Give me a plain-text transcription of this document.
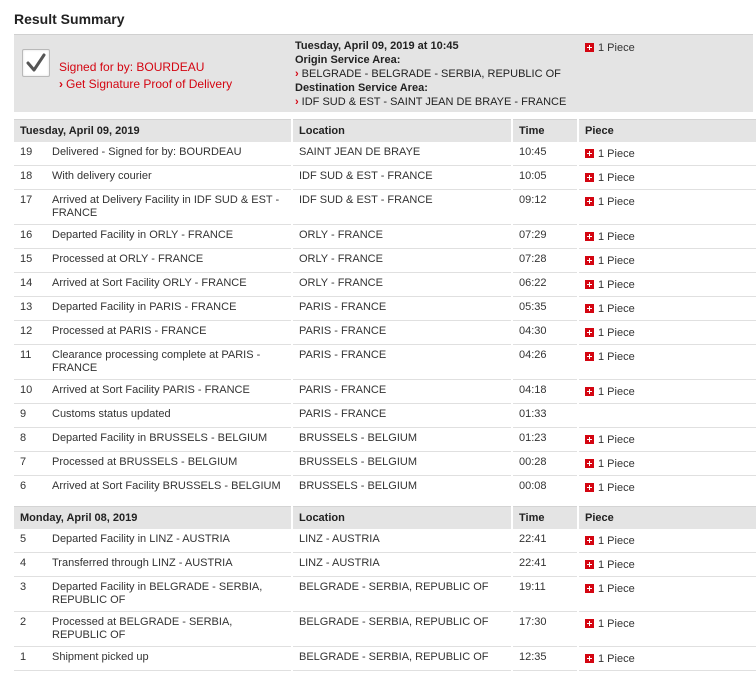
Result Summary
Signed for by: BOURDEAU
› Get Signature Proof of Delivery
Tuesday, April 09, 2019 at 10:45
Origin Service Area:
› BELGRADE - BELGRADE - SERBIA, REPUBLIC OF
Destination Service Area:
› IDF SUD & EST - SAINT JEAN DE BRAYE - FRANCE
1 Piece
Tuesday, April 09, 2019	Location	Time	Piece
19 Delivered - Signed for by: BOURDEAU	SAINT JEAN DE BRAYE	10:45	1 Piece
18 With delivery courier	IDF SUD & EST - FRANCE	10:05	1 Piece
17 Arrived at Delivery Facility in IDF SUD & EST - FRANCE	IDF SUD & EST - FRANCE	09:12	1 Piece
16 Departed Facility in ORLY - FRANCE	ORLY - FRANCE	07:29	1 Piece
15 Processed at ORLY - FRANCE	ORLY - FRANCE	07:28	1 Piece
14 Arrived at Sort Facility ORLY - FRANCE	ORLY - FRANCE	06:22	1 Piece
13 Departed Facility in PARIS - FRANCE	PARIS - FRANCE	05:35	1 Piece
12 Processed at PARIS - FRANCE	PARIS - FRANCE	04:30	1 Piece
11 Clearance processing complete at PARIS - FRANCE	PARIS - FRANCE	04:26	1 Piece
10 Arrived at Sort Facility PARIS - FRANCE	PARIS - FRANCE	04:18	1 Piece
9 Customs status updated	PARIS - FRANCE	01:33	
8 Departed Facility in BRUSSELS - BELGIUM	BRUSSELS - BELGIUM	01:23	1 Piece
7 Processed at BRUSSELS - BELGIUM	BRUSSELS - BELGIUM	00:28	1 Piece
6 Arrived at Sort Facility BRUSSELS - BELGIUM	BRUSSELS - BELGIUM	00:08	1 Piece
Monday, April 08, 2019	Location	Time	Piece
5 Departed Facility in LINZ - AUSTRIA	LINZ - AUSTRIA	22:41	1 Piece
4 Transferred through LINZ - AUSTRIA	LINZ - AUSTRIA	22:41	1 Piece
3 Departed Facility in BELGRADE - SERBIA, REPUBLIC OF	BELGRADE - SERBIA, REPUBLIC OF	19:11	1 Piece
2 Processed at BELGRADE - SERBIA, REPUBLIC OF	BELGRADE - SERBIA, REPUBLIC OF	17:30	1 Piece
1 Shipment picked up	BELGRADE - SERBIA, REPUBLIC OF	12:35	1 Piece
